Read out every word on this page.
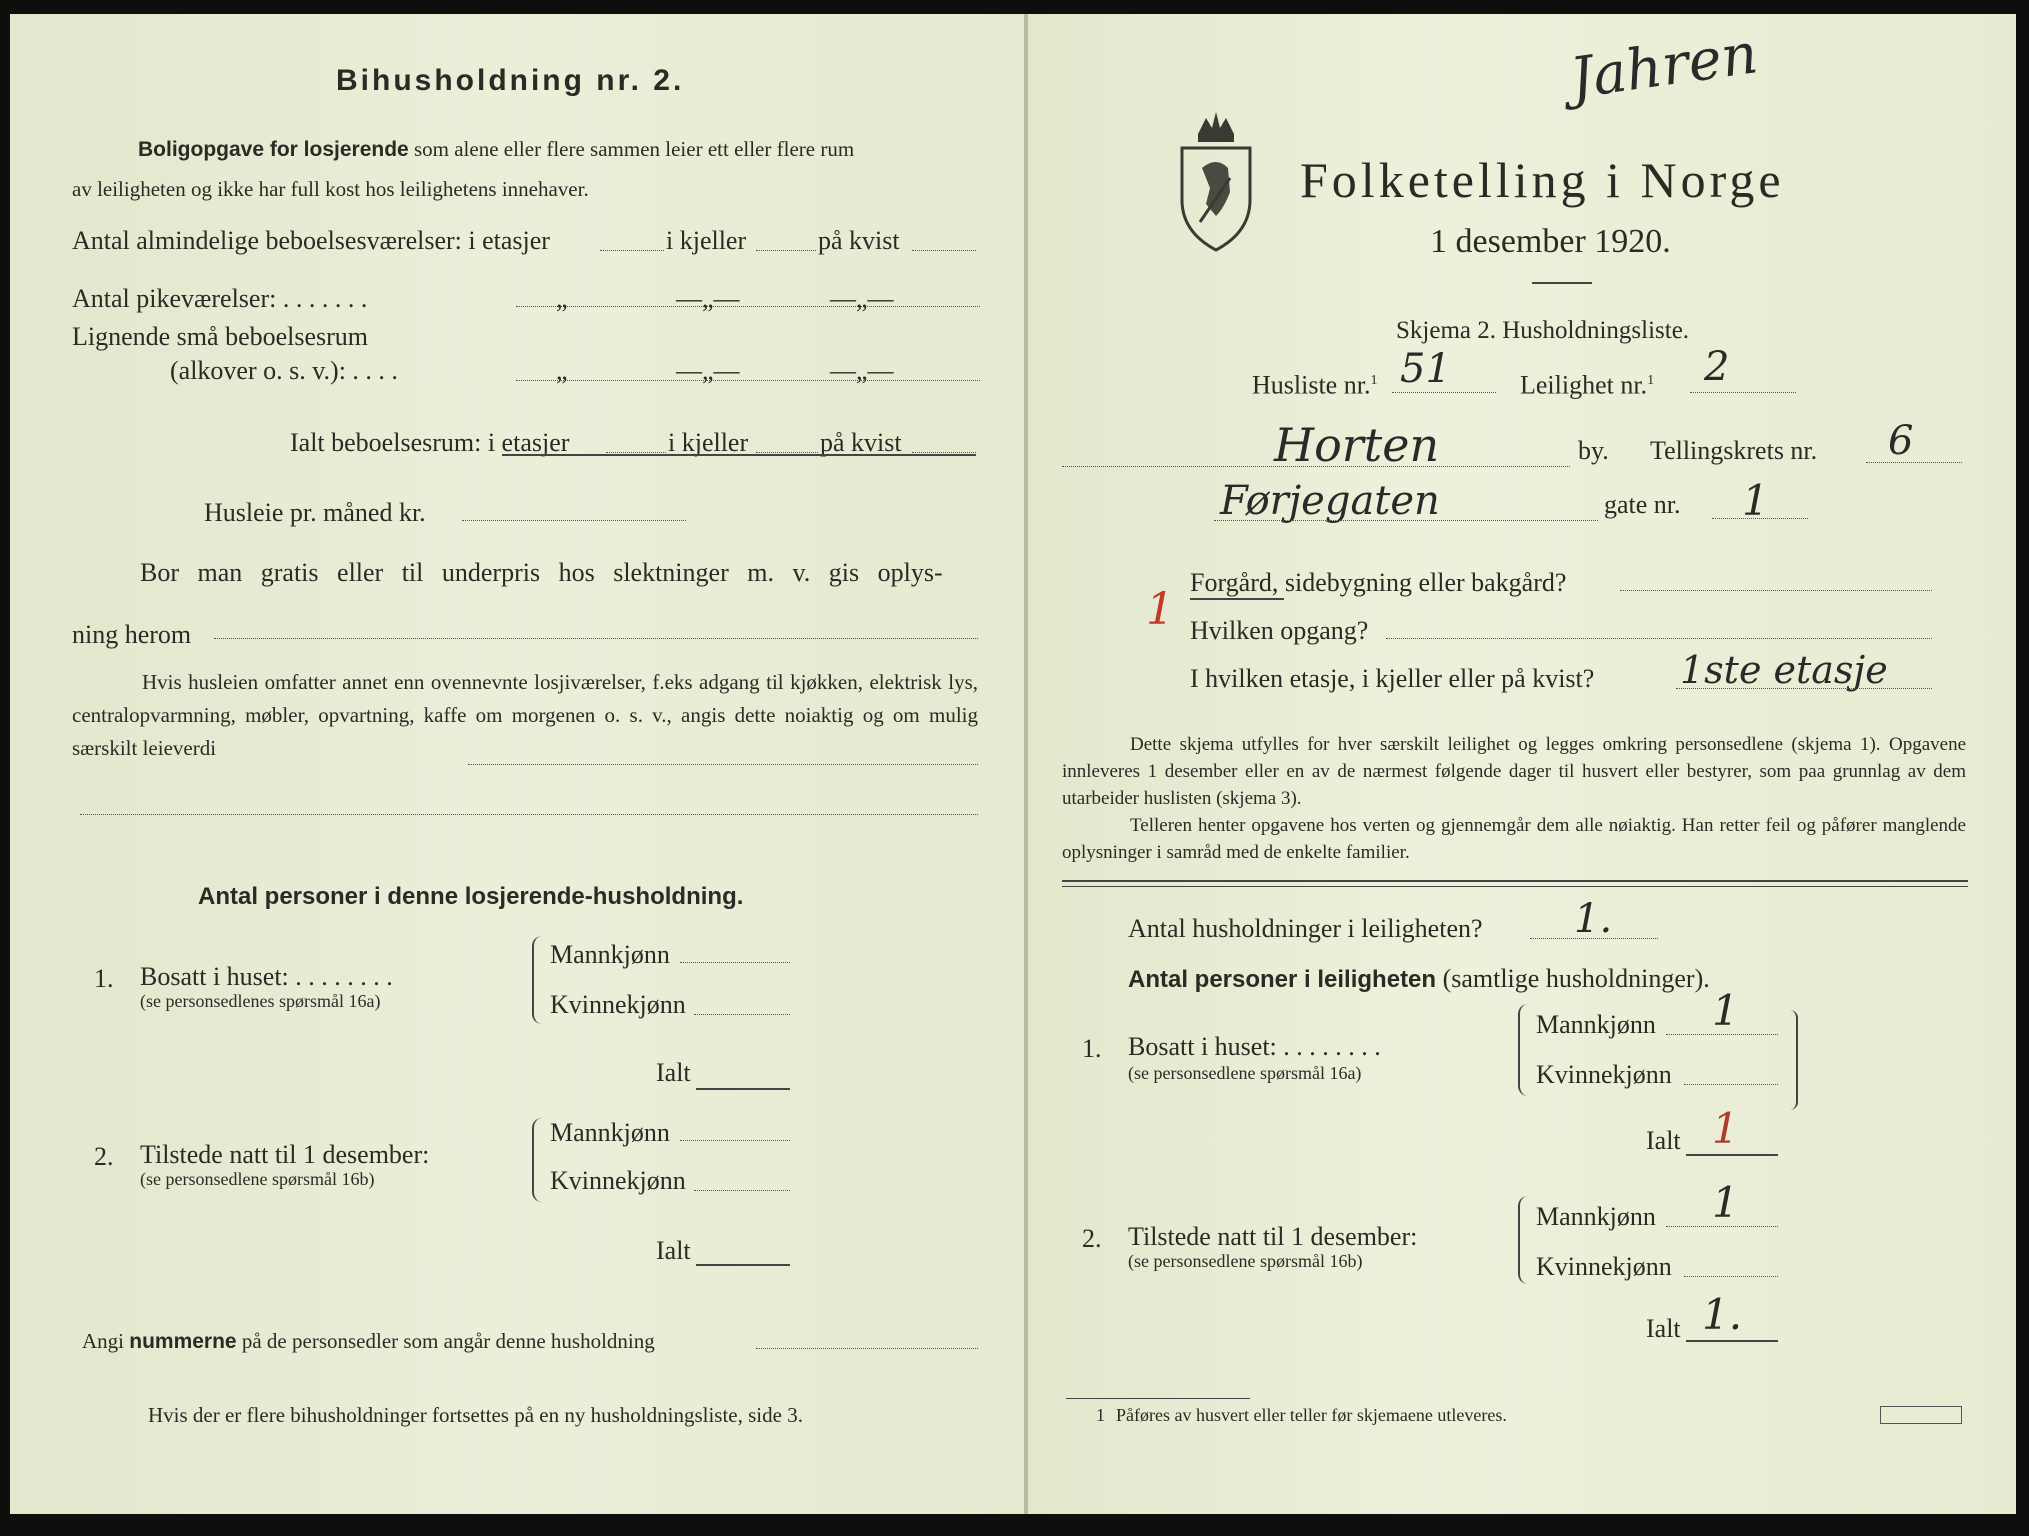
Bihusholdning nr. 2.
Boligopgave for losjerende som alene eller flere sammen leier ett eller flere rum
av leiligheten og ikke har full kost hos leilighetens innehaver.
Antal almindelige beboelsesværelser: i etasjer	i kjeller	på kvist
Antal pikeværelser: . . . . . . .	„	—„—	—„—
Lignende små beboelsesrum
(alkover o. s. v.): . . . .	„	—„—	—„—
Ialt beboelsesrum: i etasjer	i kjeller	på kvist
Husleie pr. måned kr.
Bor man gratis eller til underpris hos slektninger m. v. gis oplys-
ning herom
Hvis husleien omfatter annet enn ovennevnte losjiværelser, f.eks adgang til kjøkken, elektrisk lys, centralopvarmning, møbler, opvartning, kaffe om morgenen o. s. v., angis dette noiaktig og om mulig særskilt leieverdi
Antal personer i denne losjerende-husholdning.
1. Bosatt i huset: . . . . . . . .
(se personsedlenes spørsmål 16a)
Mannkjønn
Kvinnekjønn
Ialt
2. Tilstede natt til 1 desember:
(se personsedlene spørsmål 16b)
Mannkjønn
Kvinnekjønn
Ialt
Angi nummerne på de personsedler som angår denne husholdning
Hvis der er flere bihusholdninger fortsettes på en ny husholdningsliste, side 3.
Jahren
Folketelling i Norge
1 desember 1920.
Skjema 2. Husholdningsliste.
Husliste nr.$^1$ 51	Leilighet nr.$^1$ 2
Horten	by. Tellingskrets nr. 6
Førjegaten	gate nr. 1
1
Forgård, sidebygning eller bakgård?
Hvilken opgang?
I hvilken etasje, i kjeller eller på kvist? 1ste etasje
Dette skjema utfylles for hver særskilt leilighet og legges omkring personsedlene (skjema 1). Opgavene innleveres 1 desember eller en av de nærmest følgende dager til husvert eller bestyrer, som paa grunnlag av dem utarbeider huslisten (skjema 3).
Telleren henter opgavene hos verten og gjennemgår dem alle nøiaktig. Han retter feil og påfører manglende oplysninger i samråd med de enkelte familier.
Antal husholdninger i leiligheten? 1.
Antal personer i leiligheten (samtlige husholdninger).
1. Bosatt i huset: . . . . . . . .
(se personsedlene spørsmål 16a)
Mannkjønn 1
Kvinnekjønn
Ialt 1
2. Tilstede natt til 1 desember:
(se personsedlene spørsmål 16b)
Mannkjønn 1
Kvinnekjønn
Ialt 1.
1 Påføres av husvert eller teller før skjemaene utleveres.
